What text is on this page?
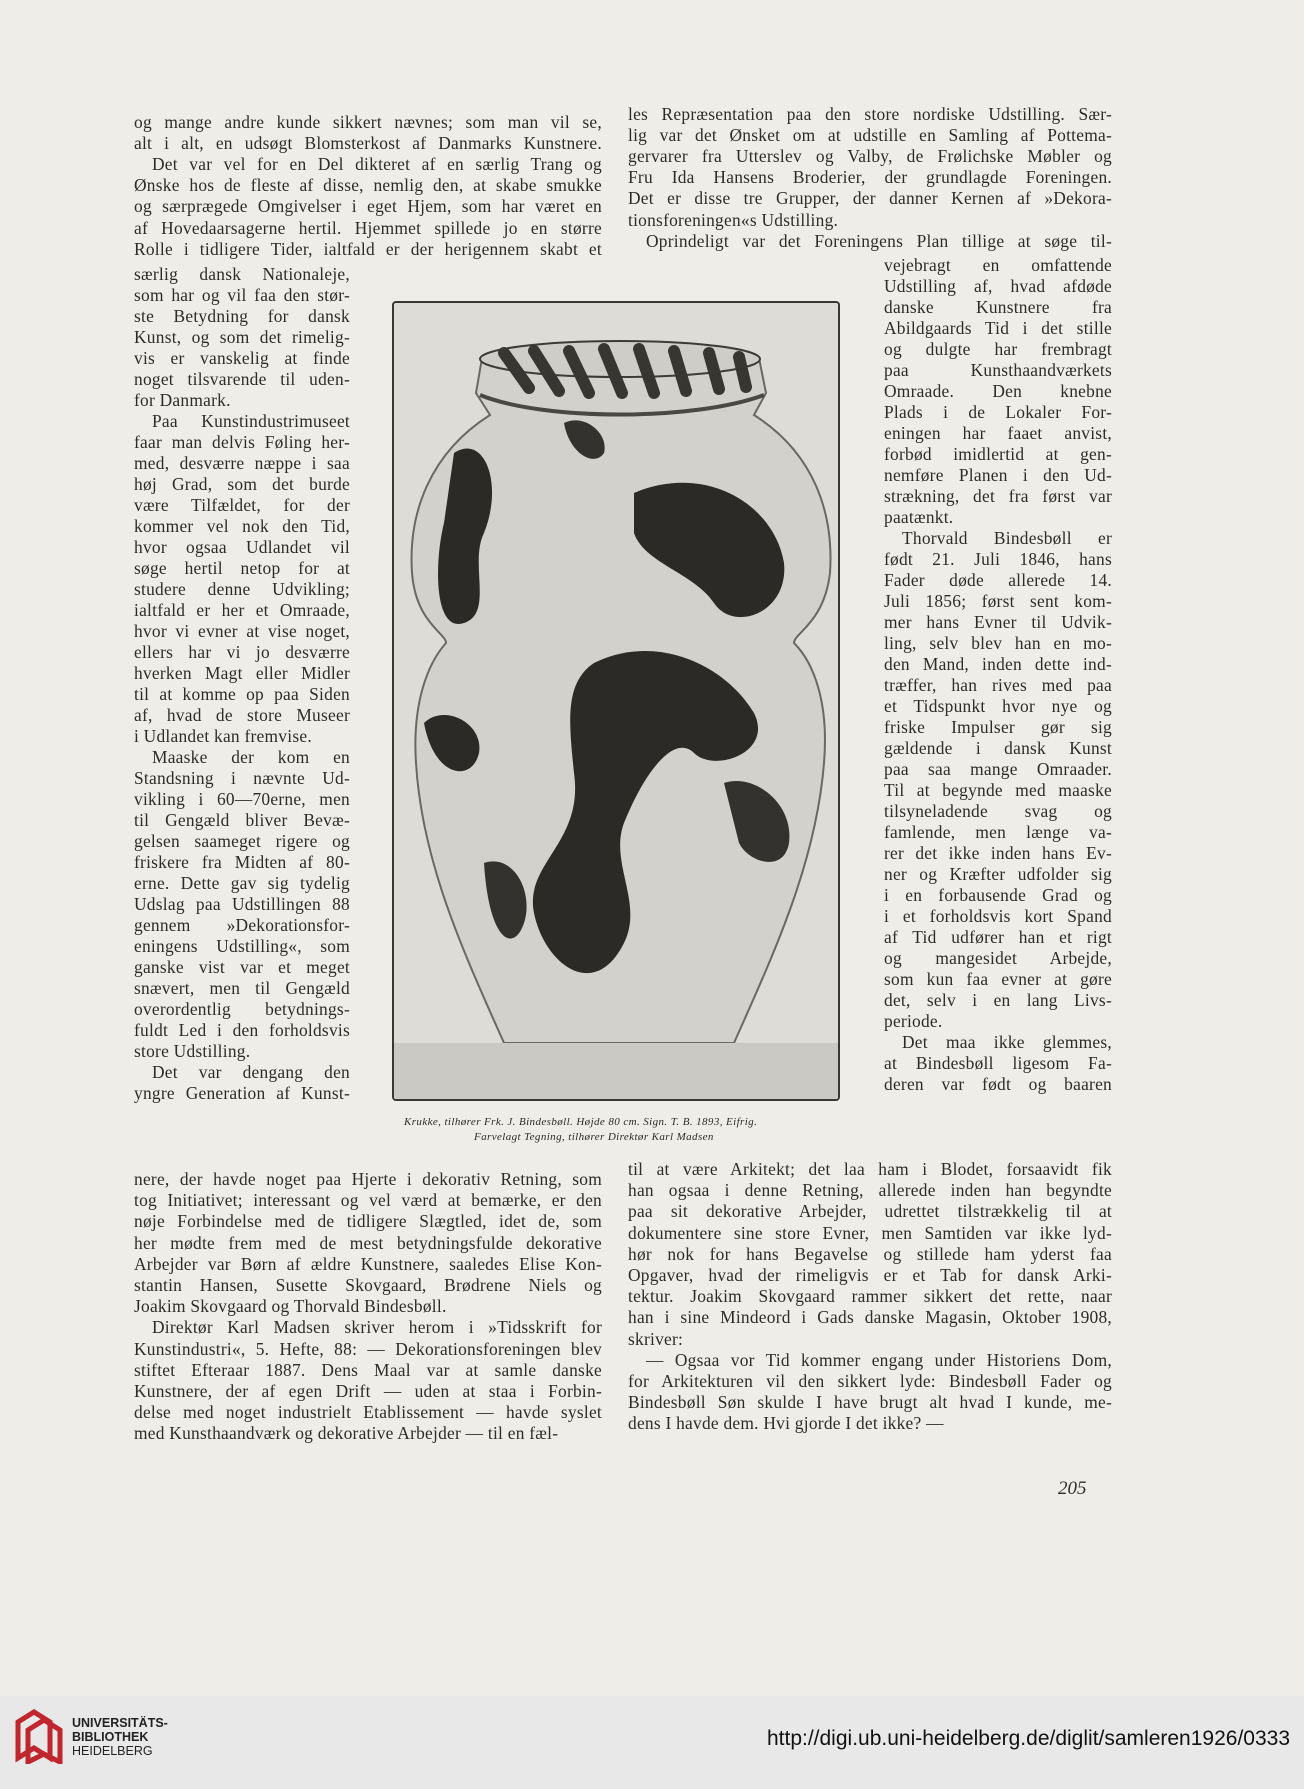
og mange andre kunde sikkert nævnes; som man vil se,

alt i alt, en udsøgt Blomsterkost af Danmarks Kunstnere.

Det var vel for en Del dikteret af en særlig Trang og

Ønske hos de fleste af disse, nemlig den, at skabe smukke

og særprægede Omgivelser i eget Hjem, som har været en

af Hovedaarsagerne hertil. Hjemmet spillede jo en større

Rolle i tidligere Tider, ialtfald er der herigennem skabt et

les Repræsentation paa den store nordiske Udstilling. Sær-

lig var det Ønsket om at udstille en Samling af Pottema-

gervarer fra Utterslev og Valby, de Frølichske Møbler og

Fru Ida Hansens Broderier, der grundlagde Foreningen.

Det er disse tre Grupper, der danner Kernen af »Dekora-

tionsforeningen«s Udstilling.

Oprindeligt var det Foreningens Plan tillige at søge til-

særlig dansk Nationaleje,

som har og vil faa den stør-

ste Betydning for dansk

Kunst, og som det rimelig-

vis er vanskelig at finde

noget tilsvarende til uden-

for Danmark.

Paa Kunstindustrimuseet

faar man delvis Føling her-

med, desværre næppe i saa

høj Grad, som det burde

være Tilfældet, for der

kommer vel nok den Tid,

hvor ogsaa Udlandet vil

søge hertil netop for at

studere denne Udvikling;

ialtfald er her et Omraade,

hvor vi evner at vise noget,

ellers har vi jo desværre

hverken Magt eller Midler

til at komme op paa Siden

af, hvad de store Museer

i Udlandet kan fremvise.

Maaske der kom en

Standsning i nævnte Ud-

vikling i 60—70erne, men

til Gengæld bliver Bevæ-

gelsen saameget rigere og

friskere fra Midten af 80-

erne. Dette gav sig tydelig

Udslag paa Udstillingen 88

gennem »Dekorationsfor-

eningens Udstilling«, som

ganske vist var et meget

snævert, men til Gengæld

overordentlig betydnings-

fuldt Led i den forholdsvis

store Udstilling.

Det var dengang den

yngre Generation af Kunst-

vejebragt en omfattende

Udstilling af, hvad afdøde

danske Kunstnere fra

Abildgaards Tid i det stille

og dulgte har frembragt

paa Kunsthaandværkets

Omraade. Den knebne

Plads i de Lokaler For-

eningen har faaet anvist,

forbød imidlertid at gen-

nemføre Planen i den Ud-

strækning, det fra først var

paatænkt.

Thorvald Bindesbøll er

født 21. Juli 1846, hans

Fader døde allerede 14.

Juli 1856; først sent kom-

mer hans Evner til Udvik-

ling, selv blev han en mo-

den Mand, inden dette ind-

træffer, han rives med paa

et Tidspunkt hvor nye og

friske Impulser gør sig

gældende i dansk Kunst

paa saa mange Omraader.

Til at begynde med maaske

tilsyneladende svag og

famlende, men længe va-

rer det ikke inden hans Ev-

ner og Kræfter udfolder sig

i en forbausende Grad og

i et forholdsvis kort Spand

af Tid udfører han et rigt

og mangesidet Arbejde,

som kun faa evner at gøre

det, selv i en lang Livs-

periode.

Det maa ikke glemmes,

at Bindesbøll ligesom Fa-

deren var født og baaren

nere, der havde noget paa Hjerte i dekorativ Retning, som

tog Initiativet; interessant og vel værd at bemærke, er den

nøje Forbindelse med de tidligere Slægtled, idet de, som

her mødte frem med de mest betydningsfulde dekorative

Arbejder var Børn af ældre Kunstnere, saaledes Elise Kon-

stantin Hansen, Susette Skovgaard, Brødrene Niels og

Joakim Skovgaard og Thorvald Bindesbøll.

Direktør Karl Madsen skriver herom i »Tidsskrift for

Kunstindustri«, 5. Hefte, 88: — Dekorationsforeningen blev

stiftet Efteraar 1887. Dens Maal var at samle danske

Kunstnere, der af egen Drift — uden at staa i Forbin-

delse med noget industrielt Etablissement — havde syslet

med Kunsthaandværk og dekorative Arbejder — til en fæl-

til at være Arkitekt; det laa ham i Blodet, forsaavidt fik

han ogsaa i denne Retning, allerede inden han begyndte

paa sit dekorative Arbejder, udrettet tilstrækkelig til at

dokumentere sine store Evner, men Samtiden var ikke lyd-

hør nok for hans Begavelse og stillede ham yderst faa

Opgaver, hvad der rimeligvis er et Tab for dansk Arki-

tektur. Joakim Skovgaard rammer sikkert det rette, naar

han i sine Mindeord i Gads danske Magasin, Oktober 1908,

skriver:

— Ogsaa vor Tid kommer engang under Historiens Dom,

for Arkitekturen vil den sikkert lyde: Bindesbøll Fader og

Bindesbøll Søn skulde I have brugt alt hvad I kunde, me-

dens I havde dem. Hvi gjorde I det ikke? —

Krukke, tilhører Frk. J. Bindesbøll. Højde 80 cm. Sign. T. B. 1893, Eifrig.
Farvelagt Tegning, tilhører Direktør Karl Madsen
205
UNIVERSITÄTS-
BIBLIOTHEK
HEIDELBERG
http://digi.ub.uni-heidelberg.de/diglit/samleren1926/0333
